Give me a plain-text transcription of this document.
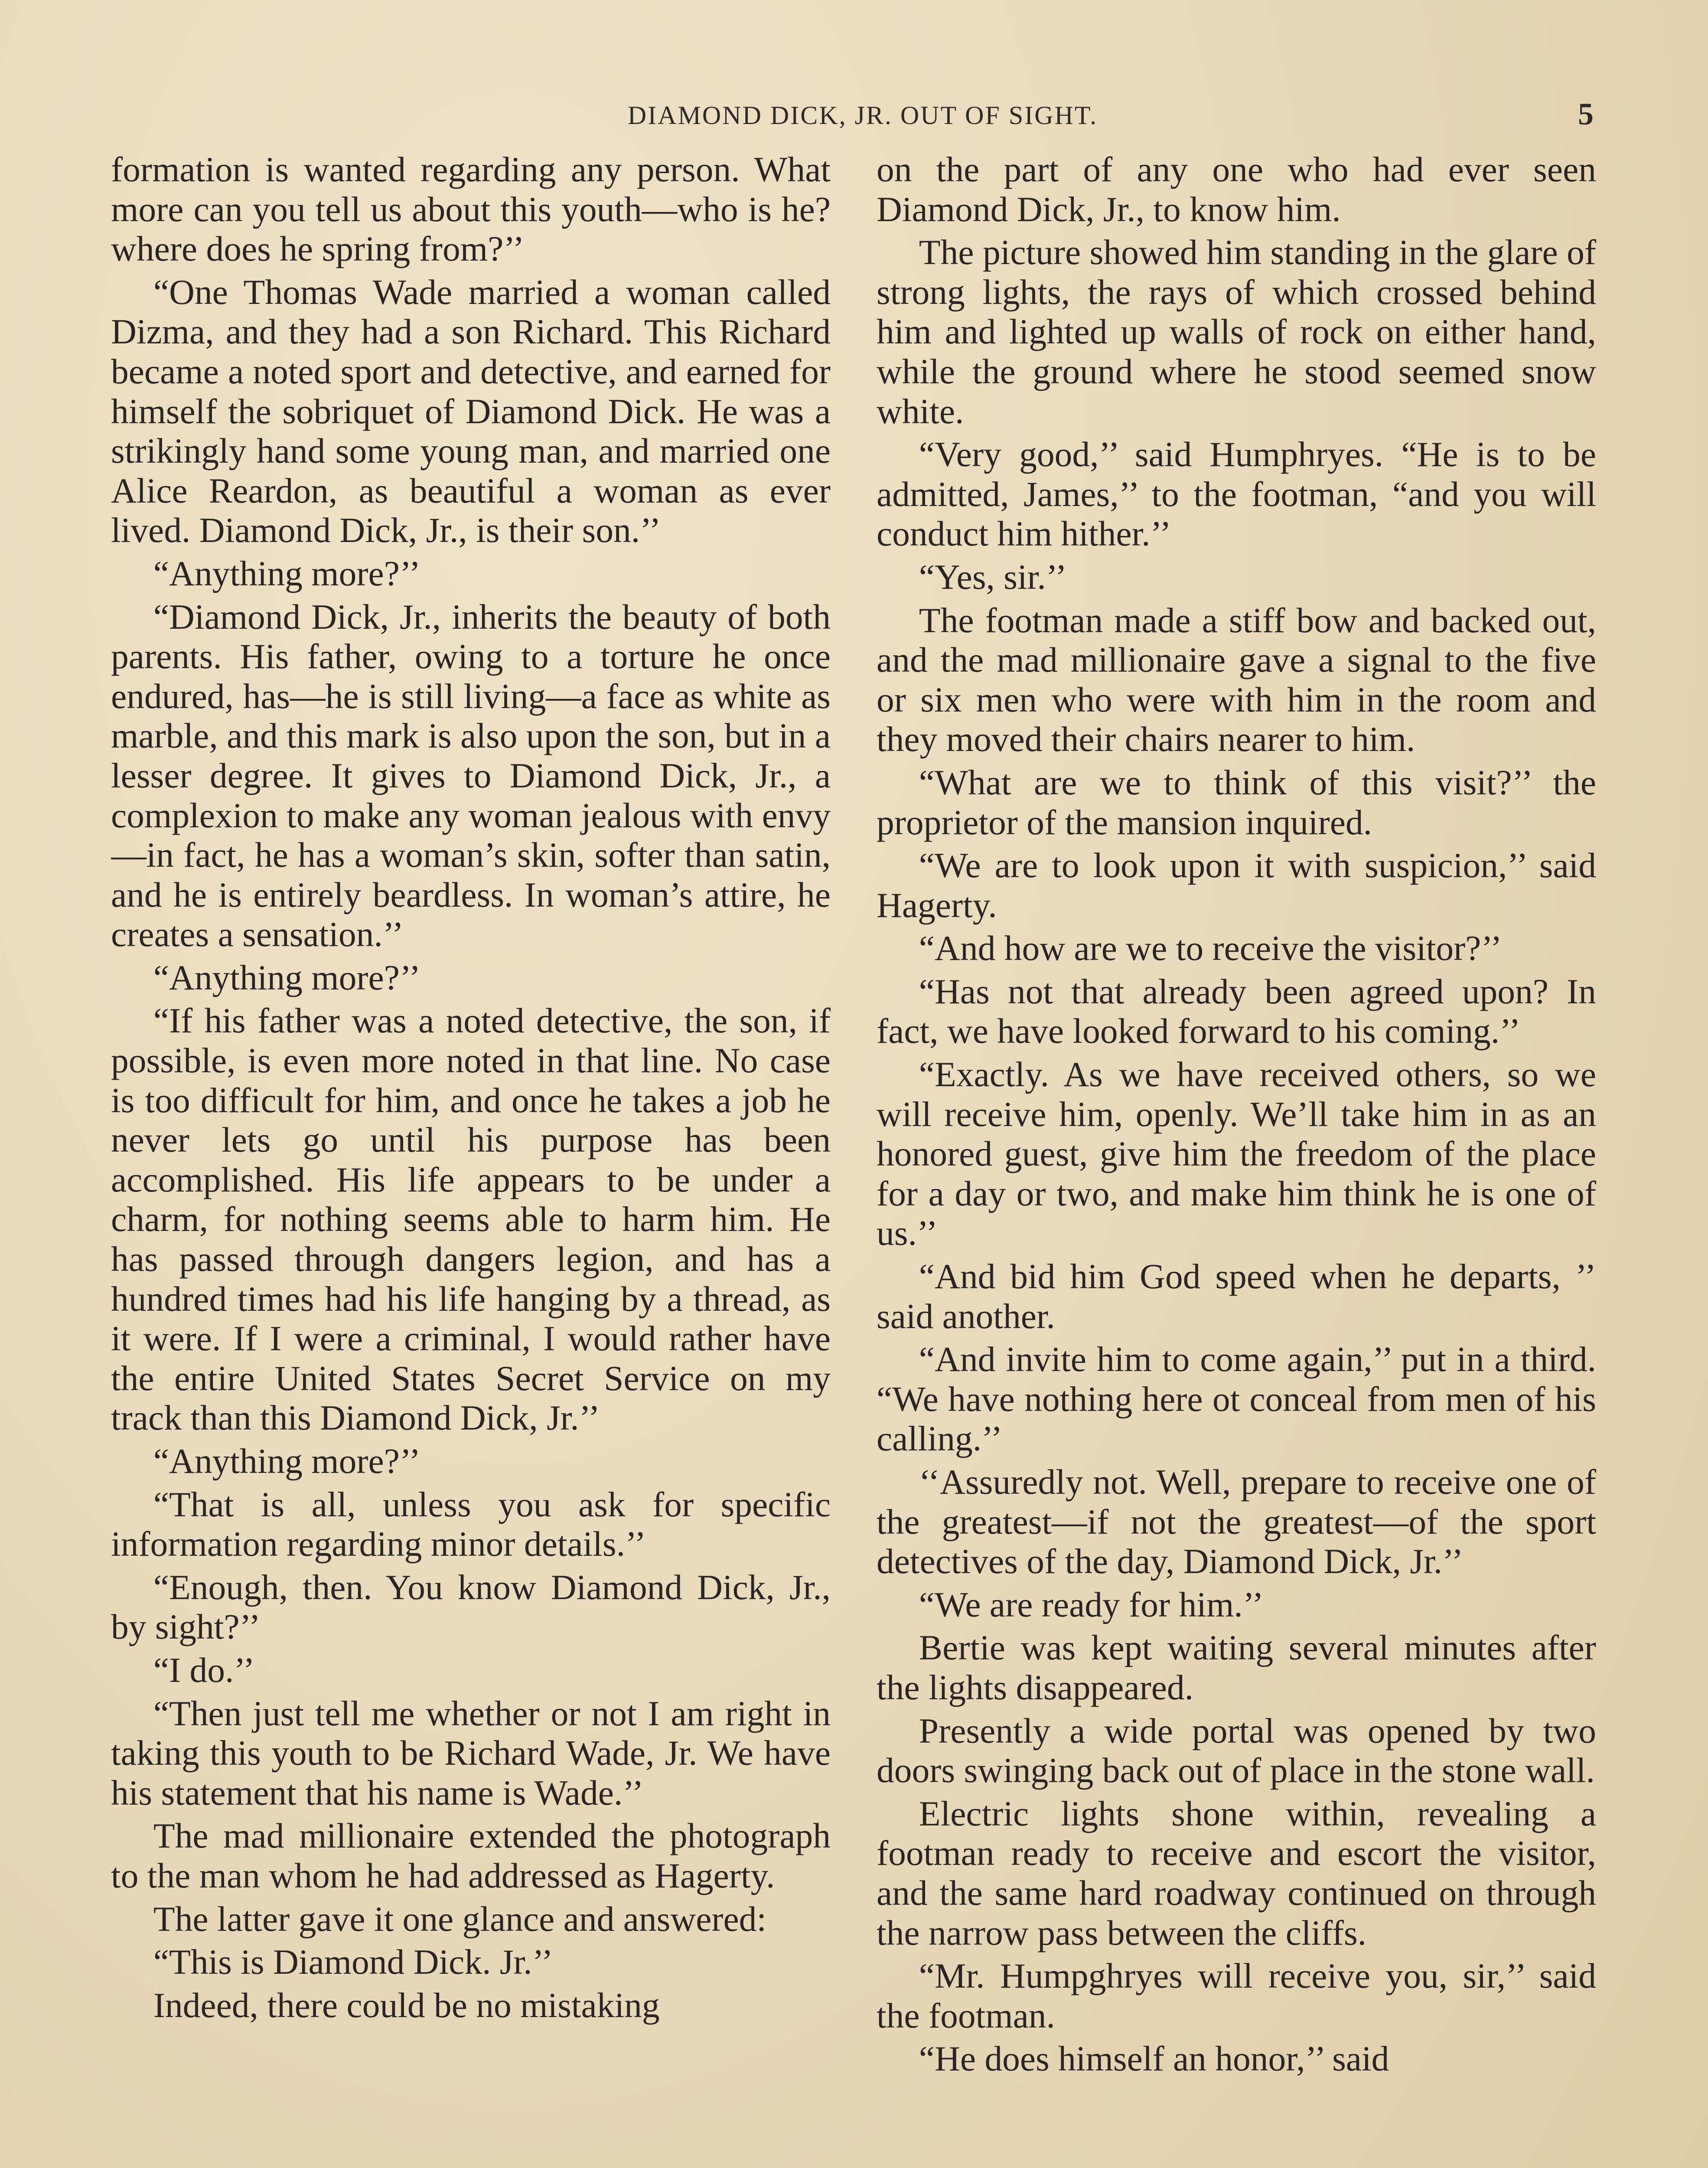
DIAMOND DICK, JR. OUT OF SIGHT.	5

formation is wanted regarding any person. What more can you tell us about this youth—who is he? where does he spring from?’’

“One Thomas Wade married a woman called Dizma, and they had a son Richard. This Richard became a noted sport and detective, and earned for himself the sobriquet of Diamond Dick. He was a strikingly hand some young man, and married one Alice Reardon, as beautiful a woman as ever lived. Diamond Dick, Jr., is their son.’’

“Anything more?’’

“Diamond Dick, Jr., inherits the beauty of both parents. His father, owing to a torture he once endured, has—he is still living—a face as white as marble, and this mark is also upon the son, but in a lesser degree. It gives to Diamond Dick, Jr., a complexion to make any woman jealous with envy—in fact, he has a woman’s skin, softer than satin, and he is entirely beardless. In woman’s attire, he creates a sensation.’’

“Anything more?’’

“If his father was a noted detective, the son, if possible, is even more noted in that line. No case is too difficult for him, and once he takes a job he never lets go until his purpose has been accomplished. His life appears to be under a charm, for nothing seems able to harm him. He has passed through dangers legion, and has a hundred times had his life hanging by a thread, as it were. If I were a criminal, I would rather have the entire United States Secret Service on my track than this Diamond Dick, Jr.’’

“Anything more?’’

“That is all, unless you ask for specific information regarding minor details.’’

“Enough, then. You know Diamond Dick, Jr., by sight?’’

“I do.’’

“Then just tell me whether or not I am right in taking this youth to be Richard Wade, Jr. We have his statement that his name is Wade.’’

The mad millionaire extended the photograph to the man whom he had addressed as Hagerty.

The latter gave it one glance and answered:

“This is Diamond Dick. Jr.’’

Indeed, there could be no mistaking

on the part of any one who had ever seen Diamond Dick, Jr., to know him.

The picture showed him standing in the glare of strong lights, the rays of which crossed behind him and lighted up walls of rock on either hand, while the ground where he stood seemed snow white.

“Very good,’’ said Humphryes. “He is to be admitted, James,’’ to the footman, “and you will conduct him hither.’’

“Yes, sir.’’

The footman made a stiff bow and backed out, and the mad millionaire gave a signal to the five or six men who were with him in the room and they moved their chairs nearer to him.

“What are we to think of this visit?’’ the proprietor of the mansion inquired.

“We are to look upon it with suspicion,’’ said Hagerty.

“And how are we to receive the visitor?’’

“Has not that already been agreed upon? In fact, we have looked forward to his coming.’’

“Exactly. As we have received others, so we will receive him, openly. We’ll take him in as an honored guest, give him the freedom of the place for a day or two, and make him think he is one of us.’’

“And bid him God speed when he departs, ’’ said another.

“And invite him to come again,’’ put in a third. “We have nothing here ot conceal from men of his calling.’’

‘‘Assuredly not. Well, prepare to receive one of the greatest—if not the greatest—of the sport detectives of the day, Diamond Dick, Jr.’’

“We are ready for him.’’

Bertie was kept waiting several minutes after the lights disappeared.

Presently a wide portal was opened by two doors swinging back out of place in the stone wall.

Electric lights shone within, revealing a footman ready to receive and escort the visitor, and the same hard roadway continued on through the narrow pass between the cliffs.

“Mr. Humpghryes will receive you, sir,’’ said the footman.

“He does himself an honor,’’ said
